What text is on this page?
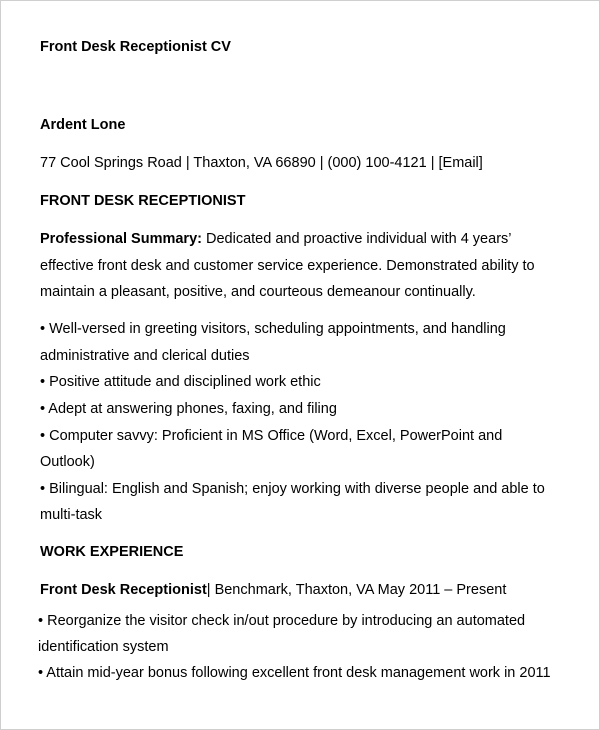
Front Desk Receptionist CV
Ardent Lone
77 Cool Springs Road | Thaxton, VA 66890 | (000) 100-4121 | [Email]
FRONT DESK RECEPTIONIST
Professional Summary: Dedicated and proactive individual with 4 years’
effective front desk and customer service experience. Demonstrated ability to
maintain a pleasant, positive, and courteous demeanour continually.
• Well-versed in greeting visitors, scheduling appointments, and handling
administrative and clerical duties
• Positive attitude and disciplined work ethic
• Adept at answering phones, faxing, and filing
• Computer savvy: Proficient in MS Office (Word, Excel, PowerPoint and
Outlook)
• Bilingual: English and Spanish; enjoy working with diverse people and able to
multi-task
WORK EXPERIENCE
Front Desk Receptionist| Benchmark, Thaxton, VA May 2011 – Present
• Reorganize the visitor check in/out procedure by introducing an automated
identification system
• Attain mid-year bonus following excellent front desk management work in 2011
